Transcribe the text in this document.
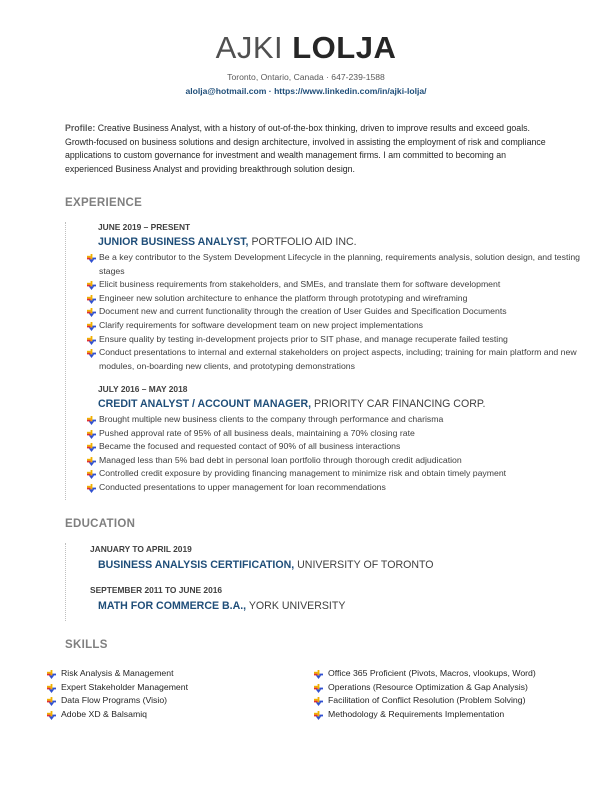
AJKI LOLJA
Toronto, Ontario, Canada · 647-239-1588
alolja@hotmail.com · https://www.linkedin.com/in/ajki-lolja/
Profile: Creative Business Analyst, with a history of out-of-the-box thinking, driven to improve results and exceed goals. Growth-focused on business solutions and design architecture, involved in assisting the employment of risk and compliance applications to custom governance for investment and wealth management firms. I am committed to becoming an experienced Business Analyst and providing breakthrough solution design.
EXPERIENCE
JUNE 2019 – PRESENT
JUNIOR BUSINESS ANALYST, PORTFOLIO AID INC.
Be a key contributor to the System Development Lifecycle in the planning, requirements analysis, solution design, and testing stages
Elicit business requirements from stakeholders, and SMEs, and translate them for software development
Engineer new solution architecture to enhance the platform through prototyping and wireframing
Document new and current functionality through the creation of User Guides and Specification Documents
Clarify requirements for software development team on new project implementations
Ensure quality by testing in-development projects prior to SIT phase, and manage recuperate failed testing
Conduct presentations to internal and external stakeholders on project aspects, including; training for main platform and new modules, on-boarding new clients, and prototyping demonstrations
JULY 2016 – MAY 2018
CREDIT ANALYST / ACCOUNT MANAGER, PRIORITY CAR FINANCING CORP.
Brought multiple new business clients to the company through performance and charisma
Pushed approval rate of 95% of all business deals, maintaining a 70% closing rate
Became the focused and requested contact of 90% of all business interactions
Managed less than 5% bad debt in personal loan portfolio through thorough credit adjudication
Controlled credit exposure by providing financing management to minimize risk and obtain timely payment
Conducted presentations to upper management for loan recommendations
EDUCATION
JANUARY TO APRIL 2019
BUSINESS ANALYSIS CERTIFICATION, UNIVERSITY OF TORONTO
SEPTEMBER 2011 TO JUNE 2016
MATH FOR COMMERCE B.A., YORK UNIVERSITY
SKILLS
Risk Analysis & Management
Expert Stakeholder Management
Data Flow Programs (Visio)
Adobe XD & Balsamiq
Office 365 Proficient (Pivots, Macros, vlookups, Word)
Operations (Resource Optimization & Gap Analysis)
Facilitation of Conflict Resolution (Problem Solving)
Methodology & Requirements Implementation
